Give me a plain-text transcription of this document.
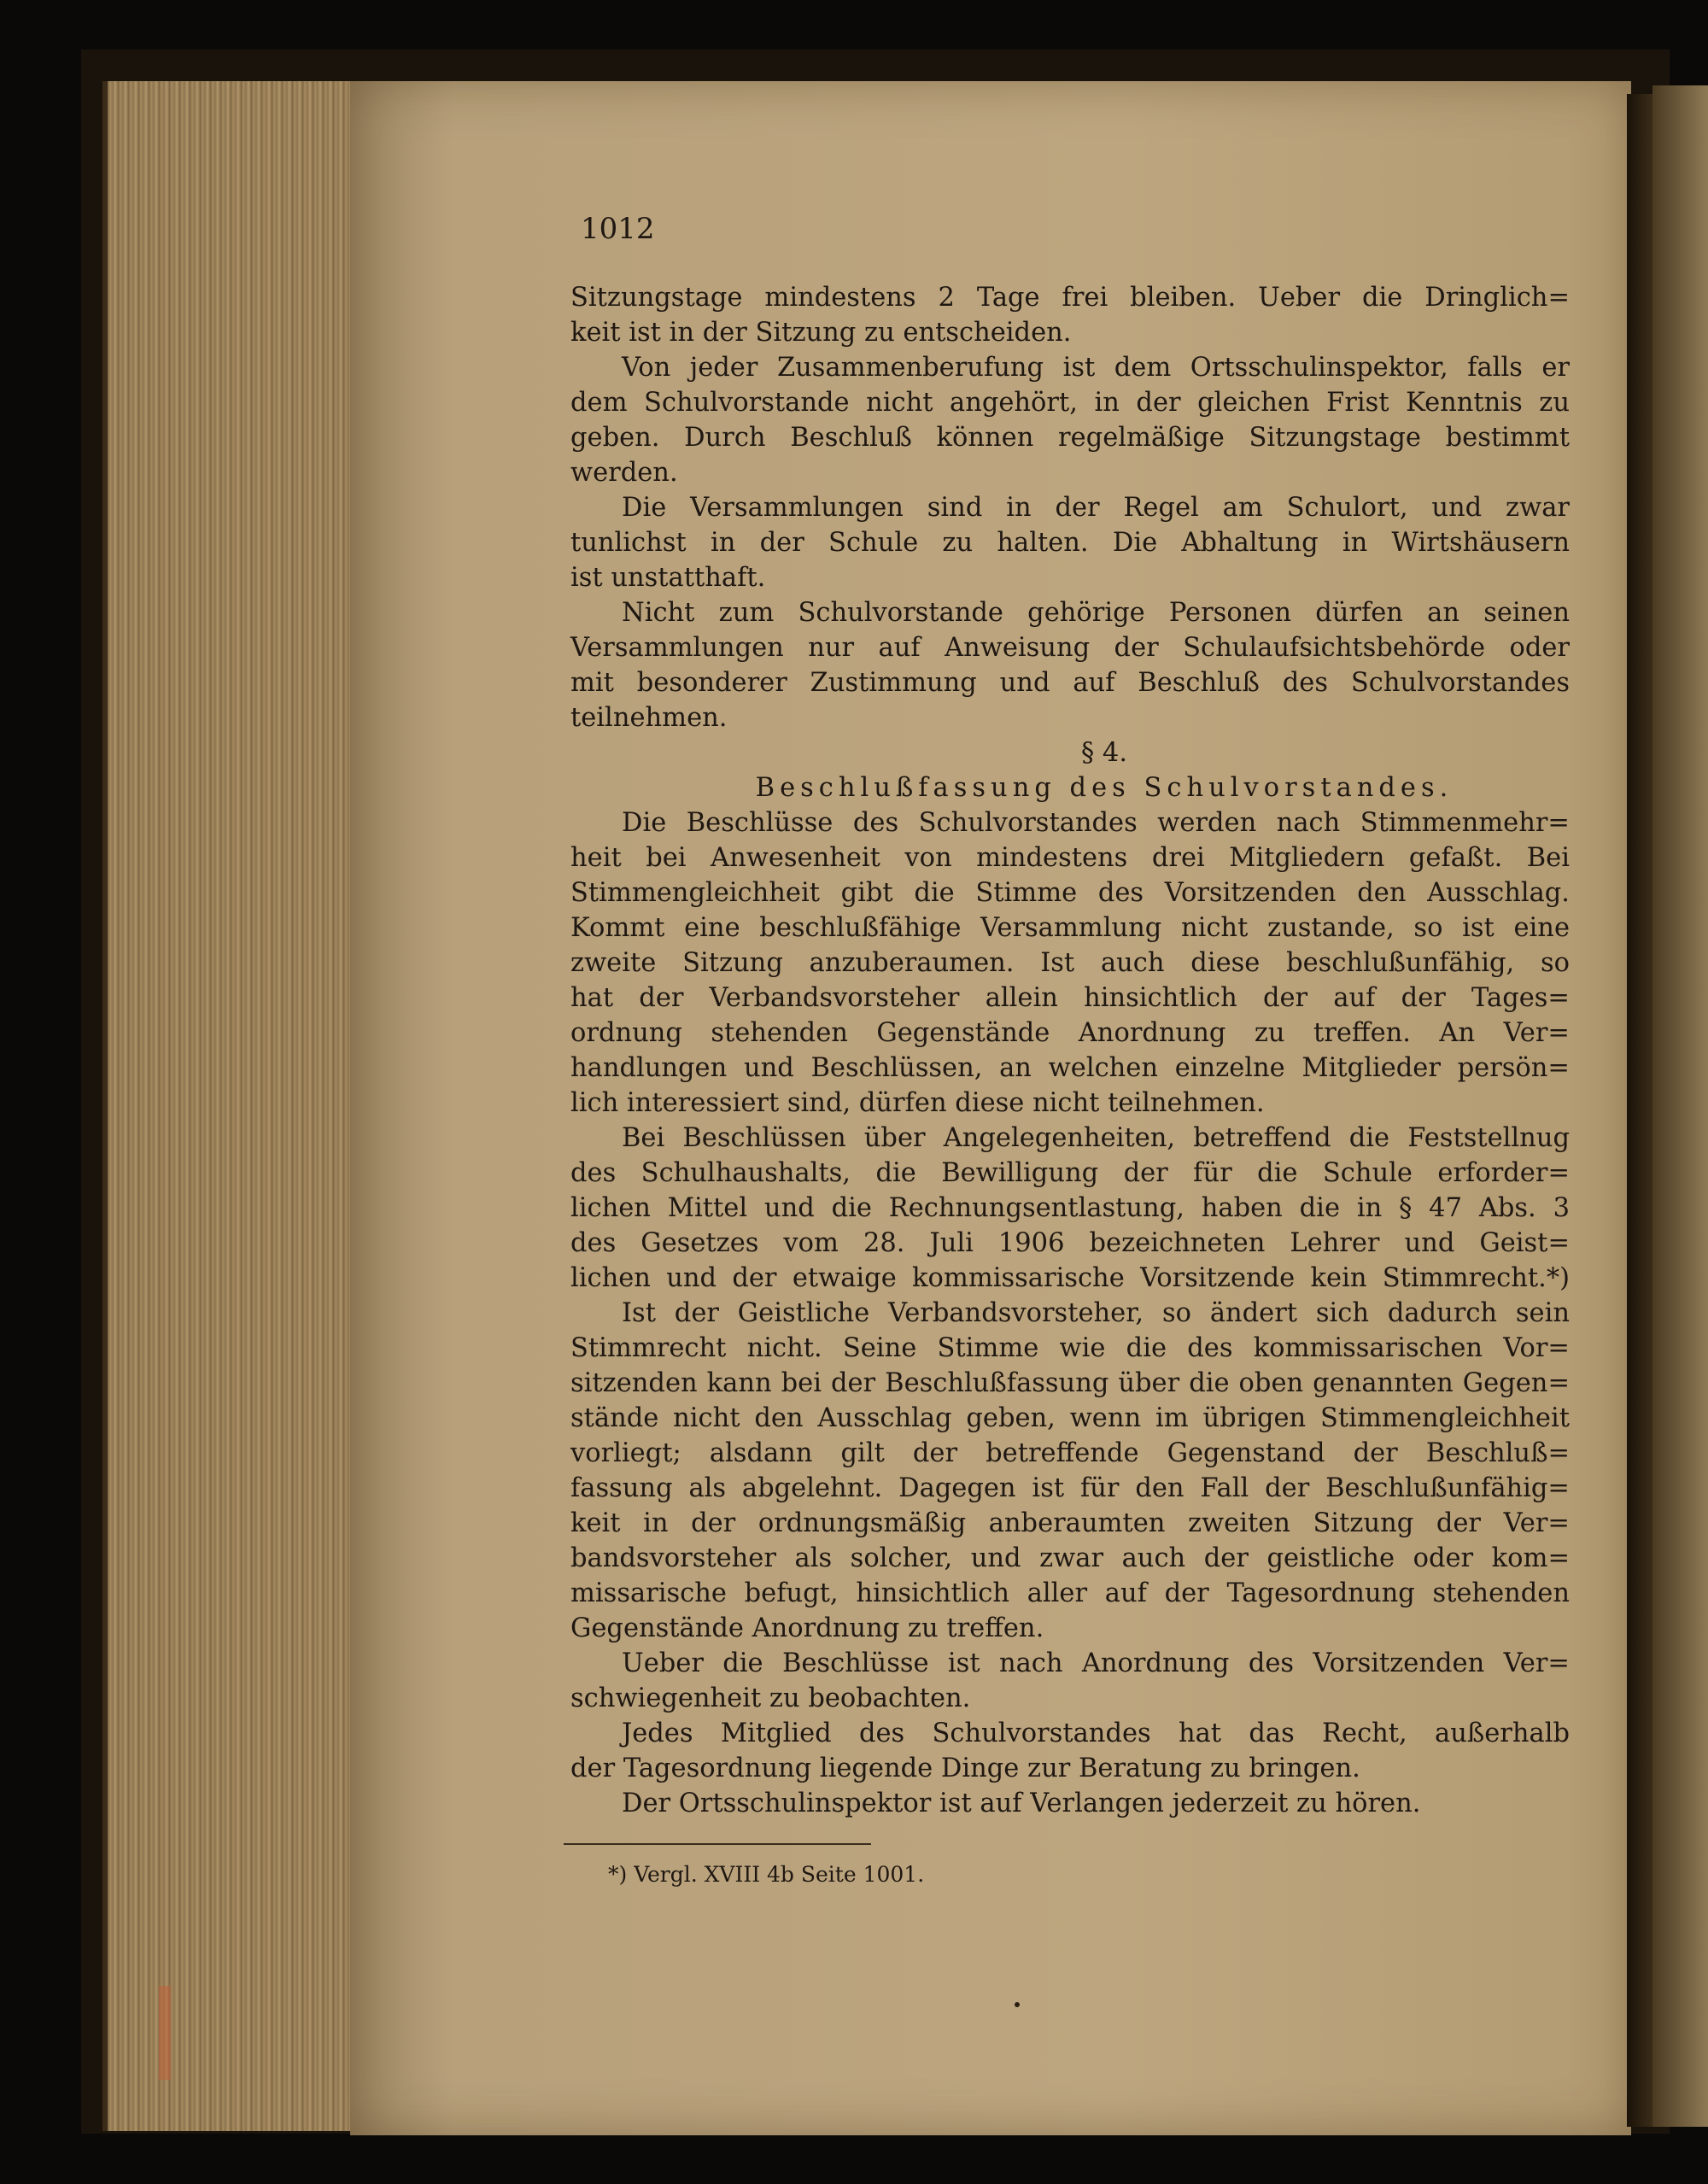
1012
Sitzungstage mindestens 2 Tage frei bleiben. Ueber die Dringlich=
keit ist in der Sitzung zu entscheiden.
Von jeder Zusammenberufung ist dem Ortsschulinspektor, falls er
dem Schulvorstande nicht angehört, in der gleichen Frist Kenntnis zu
geben. Durch Beschluß können regelmäßige Sitzungstage bestimmt
werden.
Die Versammlungen sind in der Regel am Schulort, und zwar
tunlichst in der Schule zu halten. Die Abhaltung in Wirtshäusern
ist unstatthaft.
Nicht zum Schulvorstande gehörige Personen dürfen an seinen
Versammlungen nur auf Anweisung der Schulaufsichtsbehörde oder
mit besonderer Zustimmung und auf Beschluß des Schulvorstandes
teilnehmen.
§ 4.
Beschlußfassung des Schulvorstandes.
Die Beschlüsse des Schulvorstandes werden nach Stimmenmehr=
heit bei Anwesenheit von mindestens drei Mitgliedern gefaßt. Bei
Stimmengleichheit gibt die Stimme des Vorsitzenden den Ausschlag.
Kommt eine beschlußfähige Versammlung nicht zustande, so ist eine
zweite Sitzung anzuberaumen. Ist auch diese beschlußunfähig, so
hat der Verbandsvorsteher allein hinsichtlich der auf der Tages=
ordnung stehenden Gegenstände Anordnung zu treffen. An Ver=
handlungen und Beschlüssen, an welchen einzelne Mitglieder persön=
lich interessiert sind, dürfen diese nicht teilnehmen.
Bei Beschlüssen über Angelegenheiten, betreffend die Feststellnug
des Schulhaushalts, die Bewilligung der für die Schule erforder=
lichen Mittel und die Rechnungsentlastung, haben die in § 47 Abs. 3
des Gesetzes vom 28. Juli 1906 bezeichneten Lehrer und Geist=
lichen und der etwaige kommissarische Vorsitzende kein Stimmrecht.*)
Ist der Geistliche Verbandsvorsteher, so ändert sich dadurch sein
Stimmrecht nicht. Seine Stimme wie die des kommissarischen Vor=
sitzenden kann bei der Beschlußfassung über die oben genannten Gegen=
stände nicht den Ausschlag geben, wenn im übrigen Stimmengleichheit
vorliegt; alsdann gilt der betreffende Gegenstand der Beschluß=
fassung als abgelehnt. Dagegen ist für den Fall der Beschlußunfähig=
keit in der ordnungsmäßig anberaumten zweiten Sitzung der Ver=
bandsvorsteher als solcher, und zwar auch der geistliche oder kom=
missarische befugt, hinsichtlich aller auf der Tagesordnung stehenden
Gegenstände Anordnung zu treffen.
Ueber die Beschlüsse ist nach Anordnung des Vorsitzenden Ver=
schwiegenheit zu beobachten.
Jedes Mitglied des Schulvorstandes hat das Recht, außerhalb
der Tagesordnung liegende Dinge zur Beratung zu bringen.
Der Ortsschulinspektor ist auf Verlangen jederzeit zu hören.
*) Vergl. XVIII 4b Seite 1001.
